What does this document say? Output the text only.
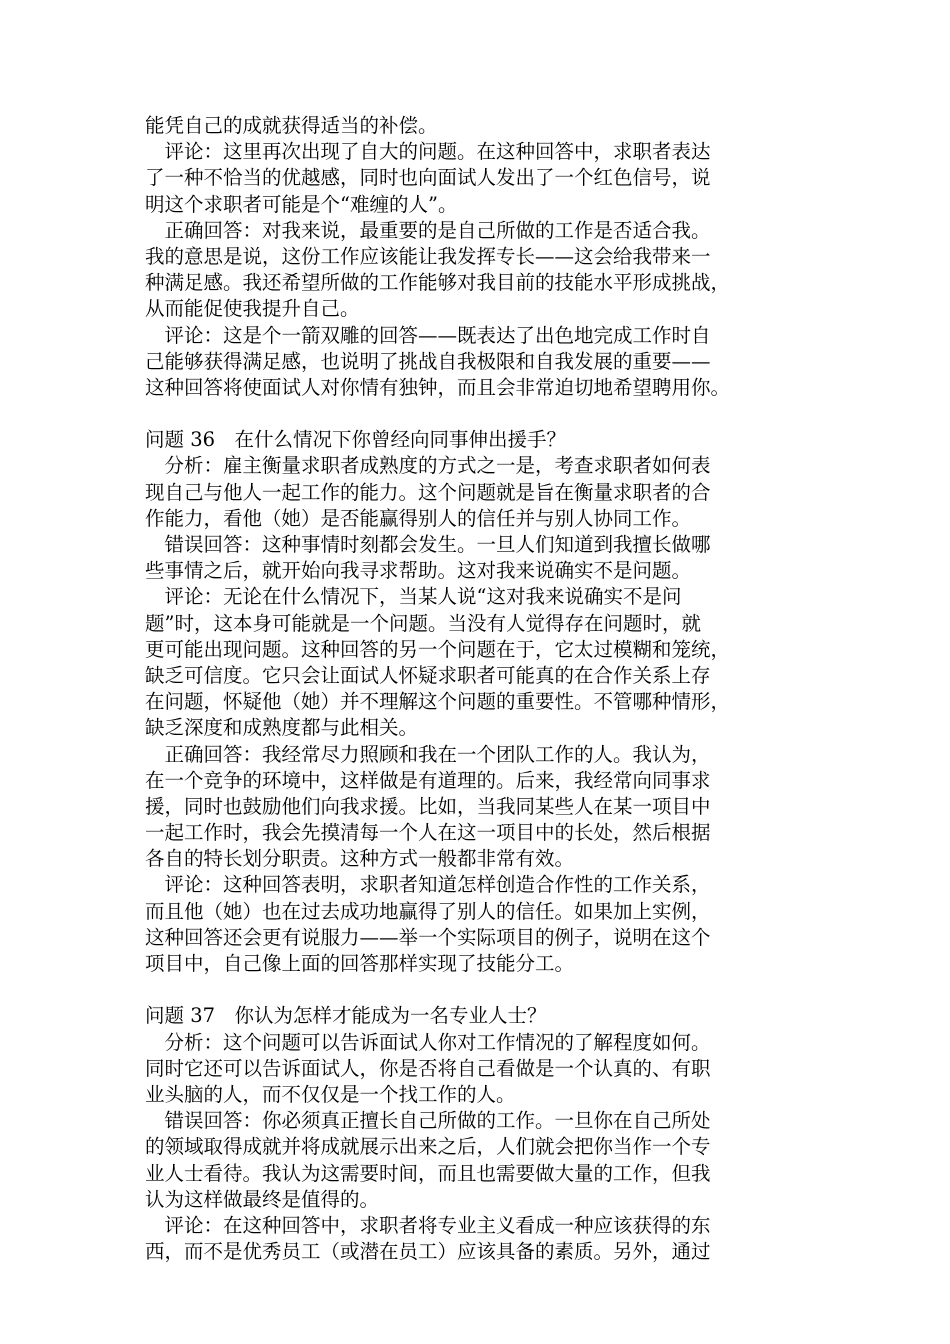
能凭自己的成就获得适当的补偿。
　评论：这里再次出现了自大的问题。在这种回答中，求职者表达
了一种不恰当的优越感，同时也向面试人发出了一个红色信号，说
明这个求职者可能是个“难缠的人”。
　正确回答：对我来说，最重要的是自己所做的工作是否适合我。
我的意思是说，这份工作应该能让我发挥专长——这会给我带来一
种满足感。我还希望所做的工作能够对我目前的技能水平形成挑战，
从而能促使我提升自己。
　评论：这是个一箭双雕的回答——既表达了出色地完成工作时自
己能够获得满足感，也说明了挑战自我极限和自我发展的重要——
这种回答将使面试人对你情有独钟，而且会非常迫切地希望聘用你。
问题 36　在什么情况下你曾经向同事伸出援手？
　分析：雇主衡量求职者成熟度的方式之一是，考查求职者如何表
现自己与他人一起工作的能力。这个问题就是旨在衡量求职者的合
作能力，看他（她）是否能赢得别人的信任并与别人协同工作。
　错误回答：这种事情时刻都会发生。一旦人们知道到我擅长做哪
些事情之后，就开始向我寻求帮助。这对我来说确实不是问题。
　评论：无论在什么情况下，当某人说“这对我来说确实不是问
题”时，这本身可能就是一个问题。当没有人觉得存在问题时，就
更可能出现问题。这种回答的另一个问题在于，它太过模糊和笼统，
缺乏可信度。它只会让面试人怀疑求职者可能真的在合作关系上存
在问题，怀疑他（她）并不理解这个问题的重要性。不管哪种情形，
缺乏深度和成熟度都与此相关。
　正确回答：我经常尽力照顾和我在一个团队工作的人。我认为，
在一个竞争的环境中，这样做是有道理的。后来，我经常向同事求
援，同时也鼓励他们向我求援。比如，当我同某些人在某一项目中
一起工作时，我会先摸清每一个人在这一项目中的长处，然后根据
各自的特长划分职责。这种方式一般都非常有效。
　评论：这种回答表明，求职者知道怎样创造合作性的工作关系，
而且他（她）也在过去成功地赢得了别人的信任。如果加上实例，
这种回答还会更有说服力——举一个实际项目的例子，说明在这个
项目中，自己像上面的回答那样实现了技能分工。
问题 37　你认为怎样才能成为一名专业人士？
　分析：这个问题可以告诉面试人你对工作情况的了解程度如何。
同时它还可以告诉面试人，你是否将自己看做是一个认真的、有职
业头脑的人，而不仅仅是一个找工作的人。
　错误回答：你必须真正擅长自己所做的工作。一旦你在自己所处
的领域取得成就并将成就展示出来之后，人们就会把你当作一个专
业人士看待。我认为这需要时间，而且也需要做大量的工作，但我
认为这样做最终是值得的。
　评论：在这种回答中，求职者将专业主义看成一种应该获得的东
西，而不是优秀员工（或潜在员工）应该具备的素质。另外，通过
